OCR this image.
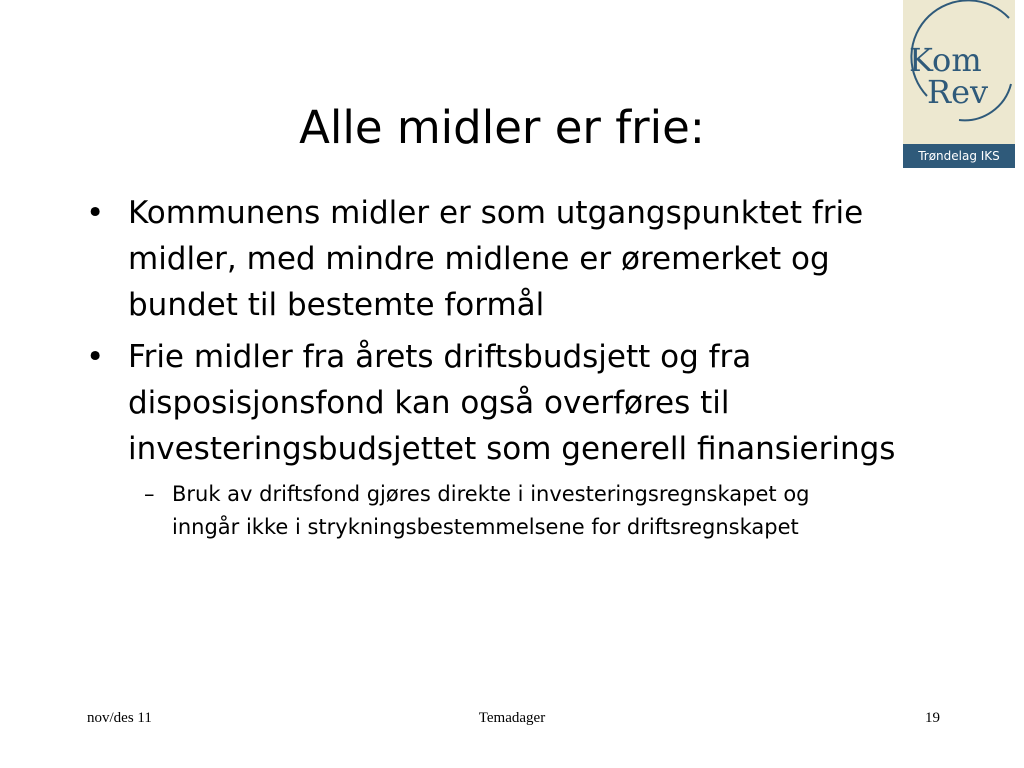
Kom
Rev
Trøndelag IKS
Alle midler er frie:
• Kommunens midler er som utgangspunktet frie midler, med mindre midlene er øremerket og bundet til bestemte formål
• Frie midler fra årets driftsbudsjett og fra disposisjonsfond kan også overføres til investeringsbudsjettet som generell finansierings
– Bruk av driftsfond gjøres direkte i investeringsregnskapet og inngår ikke i strykningsbestemmelsene for driftsregnskapet
nov/des 11	Temadager	19
